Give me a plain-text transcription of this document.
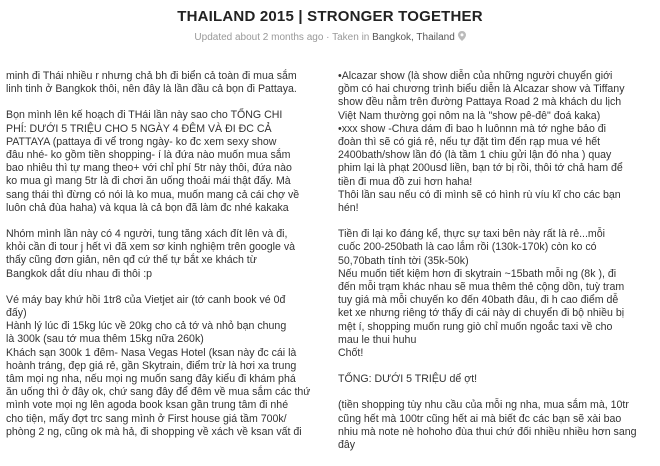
THAILAND 2015 | STRONGER TOGETHER
Updated about 2 months ago · Taken in Bangkok, Thailand

minh đi Thái nhiều r nhưng chả bh đi biển cả toàn đi mua sắm
linh tinh ở Bangkok thôi, nên đây là lần đầu cả bọn đi Pattaya.

Bọn mình lên kế hoạch đi THái lần này sao cho TỔNG CHI
PHÍ: DƯỚI 5 TRIỆU CHO 5 NGÀY 4 ĐÊM VÀ ĐI ĐC CẢ
PATTAYA (pattaya đi vể trong ngày- ko đc xem sexy show
đâu nhé- ko gồm tiền shopping- í là đứa nào muốn mua sắm
bao nhiêu thì tự mang theo+ với chỉ phí 5tr này thôi, đứa nào
ko mua gì mang 5tr là đi chơi ăn uống thoải mái thật đấy. Mà
sang thái thì đừng có nói là ko mua, muốn mang cả cái chợ về
luôn chả đùa haha) và kqua là cả bọn đã làm đc nhé kakaka

Nhóm mình lần này có 4 người, tung tăng xách đít lên và đi,
khỏi cần đi tour j hết vì đã xem sơ kinh nghiệm trên google và
thấy cũng đơn giản, nên qđ cứ thế tự bắt xe khách từ
Bangkok dắt díu nhau đi thôi :p

Vé máy bay khứ hồi 1tr8 của Vietjet air (tớ canh book vé 0đ
đấy)
Hành lý lúc đi 15kg lúc về 20kg cho cả tớ và nhỏ bạn chung
là 300k (sau tớ mua thêm 15kg nữa 260k)
Khách sạn 300k 1 đêm- Nasa Vegas Hotel (ksan này đc cái là
hoành tráng, đẹp giá rẻ, gần Skytrain, điểm trừ là hơi xa trung
tâm mọi ng nha, nếu mọi ng muốn sang đây kiểu đi khám phá
ăn uống thì ở đây ok, chứ sang đây để đêm về mua sắm các thứ
mình vote mọi ng lên agoda book ksan gần trung tâm đi nhé
cho tiện, mấy đợt trc sang mình ở First house giá tầm 700k/
phòng 2 ng, cũng ok mà hả, đi shopping về xách về ksan vất đi

•Alcazar show (là show diễn của những người chuyển giới
gồm có hai chương trình biểu diễn là Alcazar show và Tiffany
show đều nằm trên đường Pattaya Road 2 mà khách du lịch
Việt Nam thường gọi nôm na là "show pê-đê" đoá kaka)
•xxx show -Chưa dám đi bao h luônnn mà tớ nghe bảo đi
đoàn thì sẽ có giá rẻ, nếu tự đặt tìm đến rạp mua vé hết
2400bath/show lần đó (là tầm 1 chiu gửi lận đó nha ) quay
phim lại là phạt 200usd liền, bạn tớ bị rồi, thôi tớ chả ham để
tiền đi mua đồ zui hơn haha!
Thôi lần sau nếu có đi mình sẽ có hình rù víu kĩ cho các bạn
hén!

Tiền đi lại ko đáng kể, thực sự taxi bên này rất là rẻ...mỗi
cuốc 200-250bath là cao lắm rồi (130k-170k) còn ko có
50,70bath tính tời (35k-50k)
Nếu muốn tiết kiệm hơn đi skytrain ~15bath mỗi ng (8k ), đi
đến mỗi trạm khác nhau sẽ mua thêm thẻ cộng dồn, tuỳ tram
tuy giá mà mỗi chuyến ko đến 40bath đâu, đi h cao điểm dễ
ket xe nhưng riêng tớ thấy đi cái này di chuyển đi bộ nhiều bị
mệt í, shopping muốn rung giò chỉ muốn ngoắc taxi về cho
mau le thui huhu
Chốt!

TỔNG: DƯỚI 5 TRIỆU dể ợt!

(tiền shopping tùy nhu cầu của mỗi ng nha, mua sắm mà, 10tr
cũng hết mà 100tr cũng hết ai mà biết đc các bạn sẽ xài bao
nhiu mà note nè hohoho đùa thui chứ đối nhiều nhiều hơn sang đây
